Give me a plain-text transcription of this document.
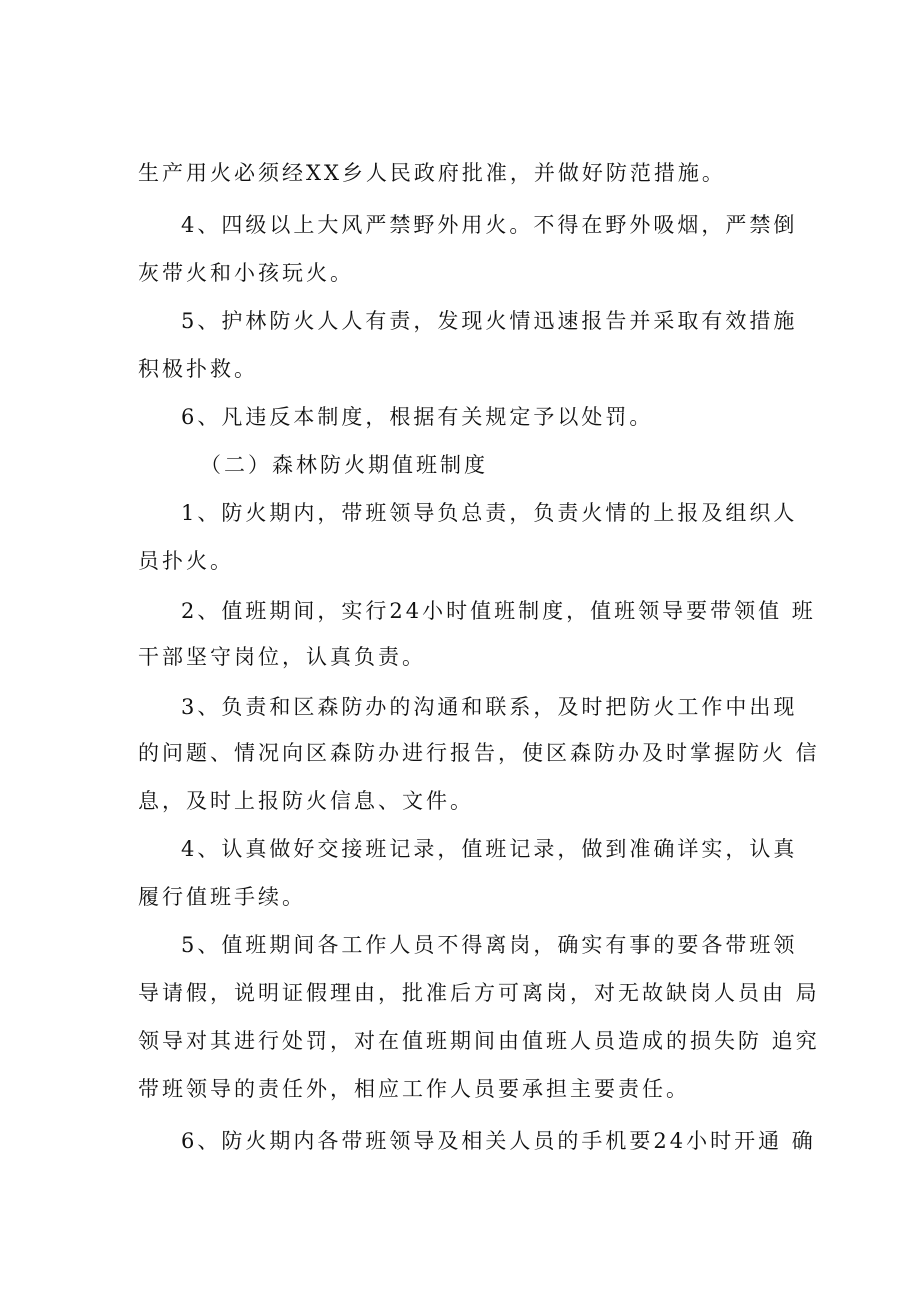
生产用火必须经XX乡人民政府批准，并做好防范措施。
4、四级以上大风严禁野外用火。不得在野外吸烟，严禁倒
灰带火和小孩玩火。
5、护林防火人人有责，发现火情迅速报告并采取有效措施
积极扑救。
6、凡违反本制度，根据有关规定予以处罚。
（二）森林防火期值班制度
1、防火期内，带班领导负总责，负责火情的上报及组织人
员扑火。
2、值班期间，实行24小时值班制度，值班领导要带领值 班
干部坚守岗位，认真负责。
3、负责和区森防办的沟通和联系，及时把防火工作中出现
的问题、情况向区森防办进行报告，使区森防办及时掌握防火 信
息，及时上报防火信息、文件。
4、认真做好交接班记录，值班记录，做到准确详实，认真
履行值班手续。
5、值班期间各工作人员不得离岗，确实有事的要各带班领
导请假，说明证假理由，批准后方可离岗，对无故缺岗人员由 局
领导对其进行处罚，对在值班期间由值班人员造成的损失防 追究
带班领导的责任外，相应工作人员要承担主要责任。
6、防火期内各带班领导及相关人员的手机要24小时开通 确
